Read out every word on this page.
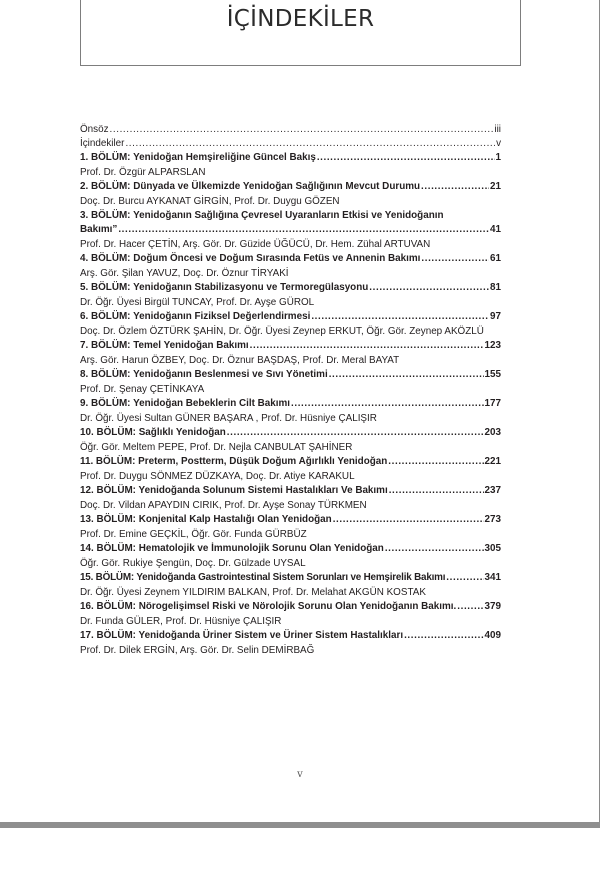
İÇİNDEKİLER
Önsöz .....	iii
İçindekiler .....	v
1. BÖLÜM: Yenidoğan Hemşireliğine Güncel Bakış .....	1
Prof. Dr. Özgür ALPARSLAN
2. BÖLÜM: Dünyada ve Ülkemizde Yenidoğan Sağlığının Mevcut Durumu .....	21
Doç. Dr. Burcu AYKANAT GİRGİN, Prof. Dr. Duygu GÖZEN
3. BÖLÜM: Yenidoğanın Sağlığına Çevresel Uyaranların Etkisi ve Yenidoğanın
Bakımı” .....	41
Prof. Dr. Hacer ÇETİN, Arş. Gör. Dr. Güzide ÜĞÜCÜ, Dr. Hem. Zühal ARTUVAN
4. BÖLÜM: Doğum Öncesi ve Doğum Sırasında Fetüs ve Annenin Bakımı .....	61
Arş. Gör. Şilan YAVUZ, Doç. Dr. Öznur TİRYAKİ
5. BÖLÜM: Yenidoğanın Stabilizasyonu ve Termoregülasyonu .....	81
Dr. Öğr. Üyesi Birgül TUNCAY, Prof. Dr. Ayşe GÜROL
6. BÖLÜM: Yenidoğanın Fiziksel Değerlendirmesi .....	97
Doç. Dr. Özlem ÖZTÜRK ŞAHİN, Dr. Öğr. Üyesi Zeynep ERKUT, Öğr. Gör. Zeynep AKÖZLÜ
7. BÖLÜM: Temel Yenidoğan Bakımı .....	123
Arş. Gör. Harun ÖZBEY, Doç. Dr. Öznur BAŞDAŞ, Prof. Dr. Meral BAYAT
8. BÖLÜM: Yenidoğanın Beslenmesi ve Sıvı Yönetimi .....	155
Prof. Dr. Şenay ÇETİNKAYA
9. BÖLÜM: Yenidoğan Bebeklerin Cilt Bakımı .....	177
Dr. Öğr. Üyesi Sultan GÜNER BAŞARA , Prof. Dr. Hüsniye ÇALIŞIR
10. BÖLÜM: Sağlıklı Yenidoğan .....	203
Öğr. Gör. Meltem PEPE, Prof. Dr. Nejla CANBULAT ŞAHİNER
11. BÖLÜM: Preterm, Postterm, Düşük Doğum Ağırlıklı Yenidoğan .....	221
Prof. Dr. Duygu SÖNMEZ DÜZKAYA, Doç. Dr. Atiye KARAKUL
12. BÖLÜM: Yenidoğanda Solunum Sistemi Hastalıkları Ve Bakımı .....	237
Doç. Dr. Vildan APAYDIN CIRIK, Prof. Dr. Ayşe Sonay TÜRKMEN
13. BÖLÜM: Konjenital Kalp Hastalığı Olan Yenidoğan .....	273
Prof. Dr. Emine GEÇKİL, Öğr. Gör. Funda GÜRBÜZ
14. BÖLÜM: Hematolojik ve İmmunolojik Sorunu Olan Yenidoğan .....	305
Öğr. Gör. Rukiye Şengün, Doç. Dr. Gülzade UYSAL
15. BÖLÜM: Yenidoğanda Gastrointestinal Sistem Sorunları ve Hemşirelik Bakımı .....	341
Dr. Öğr. Üyesi Zeynem YILDIRIM BALKAN, Prof. Dr. Melahat AKGÜN KOSTAK
16. BÖLÜM: Nörogelişimsel Riski ve Nörolojik Sorunu Olan Yenidoğanın Bakımı. .....	379
Dr. Funda GÜLER, Prof. Dr. Hüsniye ÇALIŞIR
17. BÖLÜM: Yenidoğanda Üriner Sistem ve Üriner Sistem Hastalıkları .....	409
Prof. Dr. Dilek ERGİN, Arş. Gör. Dr. Selin DEMİRBAĞ
v
